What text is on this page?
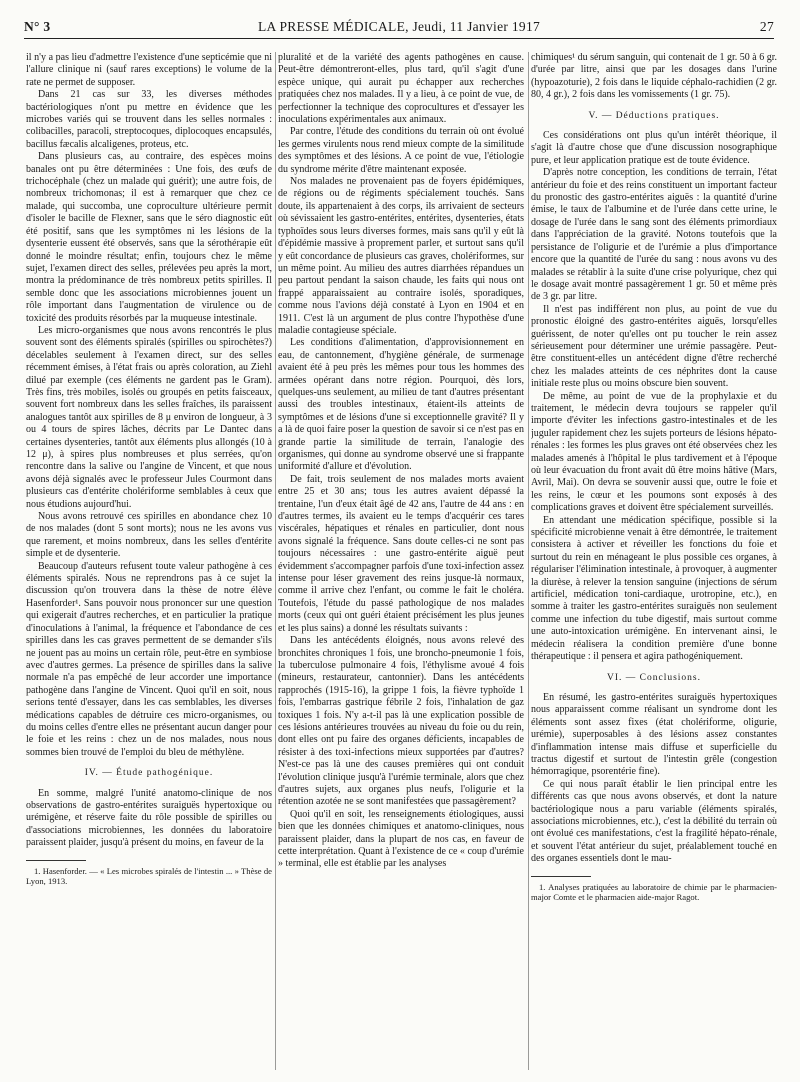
N° 3	LA PRESSE MÉDICALE, Jeudi, 11 Janvier 1917	27

il n'y a pas lieu d'admettre l'existence d'une septicémie que ni l'allure clinique ni (sauf rares exceptions) le volume de la rate ne permet de supposer.

Dans 21 cas sur 33, les diverses méthodes bactériologiques n'ont pu mettre en évidence que les microbes variés qui se trouvent dans les selles normales : colibacilles, paracoli, streptocoques, diplocoques encapsulés, bacillus fæcalis alcaligenes, proteus, etc.

Dans plusieurs cas, au contraire, des espèces moins banales ont pu être déterminées : Une fois, des œufs de trichocéphale (chez un malade qui guérit); une autre fois, de nombreux trichomonas; il est à remarquer que chez ce malade, qui succomba, une coproculture ultérieure permit d'isoler le bacille de Flexner, sans que le séro diagnostic eût été positif, sans que les symptômes ni les lésions de la dysenterie eussent été observés, sans que la sérothérapie eût donné le moindre résultat; enfin, toujours chez le même sujet, l'examen direct des selles, prélevées peu après la mort, montra la prédominance de très nombreux petits spirilles. Il semble donc que les associations microbiennes jouent un rôle important dans l'augmentation de virulence ou de toxicité des produits résorbés par la muqueuse intestinale.

Les micro-organismes que nous avons rencontrés le plus souvent sont des éléments spiralés (spirilles ou spirochètes?) décelables seulement à l'examen direct, sur des selles récemment émises, à l'état frais ou après coloration, au Ziehl dilué par exemple (ces éléments ne gardent pas le Gram). Très fins, très mobiles, isolés ou groupés en petits faisceaux, souvent fort nombreux dans les selles fraîches, ils paraissent analogues tantôt aux spirilles de 8 μ environ de longueur, à 3 ou 4 tours de spires lâches, décrits par Le Dantec dans certaines dysenteries, tantôt aux éléments plus allongés (10 à 12 μ), à spires plus nombreuses et plus serrées, qu'on rencontre dans la salive ou l'angine de Vincent, et que nous avons déjà signalés avec le professeur Jules Courmont dans plusieurs cas d'entérite cholériforme semblables à ceux que nous étudions aujourd'hui.

Nous avons retrouvé ces spirilles en abondance chez 10 de nos malades (dont 5 sont morts); nous ne les avons vus que rarement, et moins nombreux, dans les selles d'entérite simple et de dysenterie.

Beaucoup d'auteurs refusent toute valeur pathogène à ces éléments spiralés. Nous ne reprendrons pas à ce sujet la discussion qu'on trouvera dans la thèse de notre élève Hasenforder¹. Sans pouvoir nous prononcer sur une question qui exigerait d'autres recherches, et en particulier la pratique d'inoculations à l'animal, la fréquence et l'abondance de ces spirilles dans les cas graves permettent de se demander s'ils ne jouent pas au moins un certain rôle, peut-être en symbiose avec d'autres germes. La présence de spirilles dans la salive normale n'a pas empêché de leur accorder une importance pathogène dans l'angine de Vincent. Quoi qu'il en soit, nous serions tenté d'essayer, dans les cas semblables, les diverses médications capables de détruire ces micro-organismes, ou du moins celles d'entre elles ne présentant aucun danger pour le foie et les reins : chez un de nos malades, nous nous sommes bien trouvé de l'emploi du bleu de méthylène.

IV. — Étude pathogénique.

En somme, malgré l'unité anatomo-clinique de nos observations de gastro-entérites suraiguës hypertoxique ou urémigène, et réserve faite du rôle possible de spirilles ou d'associations microbiennes, les données du laboratoire paraissent plaider, jusqu'à présent du moins, en faveur de la

1. Hasenforder. — « Les microbes spiralés de l'intestin ... » Thèse de Lyon, 1913.

pluralité et de la variété des agents pathogènes en cause. Peut-être démontreront-elles, plus tard, qu'il s'agit d'une espèce unique, qui aurait pu échapper aux recherches pratiquées chez nos malades. Il y a lieu, à ce point de vue, de perfectionner la technique des coprocultures et d'essayer les inoculations expérimentales aux animaux.

Par contre, l'étude des conditions du terrain où ont évolué les germes virulents nous rend mieux compte de la similitude des symptômes et des lésions. A ce point de vue, l'étiologie du syndrome mérite d'être maintenant exposée.

Nos malades ne provenaient pas de foyers épidémiques, de régions ou de régiments spécialement touchés. Sans doute, ils appartenaient à des corps, ils arrivaient de secteurs où sévissaient les gastro-entérites, entérites, dysenteries, états typhoïdes sous leurs diverses formes, mais sans qu'il y eût là d'épidémie massive à proprement parler, et surtout sans qu'il y eût concordance de plusieurs cas graves, cholériformes, sur un même point. Au milieu des autres diarrhées répandues un peu partout pendant la saison chaude, les faits qui nous ont frappé apparaissaient au contraire isolés, sporadiques, comme nous l'avions déjà constaté à Lyon en 1904 et en 1911. C'est là un argument de plus contre l'hypothèse d'une maladie contagieuse spéciale.

Les conditions d'alimentation, d'approvisionnement en eau, de cantonnement, d'hygiène générale, de surmenage avaient été à peu près les mêmes pour tous les hommes des armées opérant dans notre région. Pourquoi, dès lors, quelques-uns seulement, au milieu de tant d'autres présentant aussi des troubles intestinaux, étaient-ils atteints de symptômes et de lésions d'une si exceptionnelle gravité? Il y a là de quoi faire poser la question de savoir si ce n'est pas en grande partie la similitude de terrain, l'analogie des organismes, qui donne au syndrome observé une si frappante uniformité d'allure et d'évolution.

De fait, trois seulement de nos malades morts avaient entre 25 et 30 ans; tous les autres avaient dépassé la trentaine, l'un d'eux était âgé de 42 ans, l'autre de 44 ans : en d'autres termes, ils avaient eu le temps d'acquérir ces tares viscérales, hépatiques et rénales en particulier, dont nous avons signalé la fréquence. Sans doute celles-ci ne sont pas toujours nécessaires : une gastro-entérite aiguë peut évidemment s'accompagner parfois d'une toxi-infection assez intense pour léser gravement des reins jusque-là normaux, comme il arrive chez l'enfant, ou comme le fait le choléra. Toutefois, l'étude du passé pathologique de nos malades morts (ceux qui ont guéri étaient précisément les plus jeunes et les plus sains) a donné les résultats suivants :

Dans les antécédents éloignés, nous avons relevé des bronchites chroniques 1 fois, une broncho-pneumonie 1 fois, la tuberculose pulmonaire 4 fois, l'éthylisme avoué 4 fois (mineurs, restaurateur, cantonnier). Dans les antécédents rapprochés (1915-16), la grippe 1 fois, la fièvre typhoïde 1 fois, l'embarras gastrique fébrile 2 fois, l'inhalation de gaz toxiques 1 fois. N'y a-t-il pas là une explication possible de ces lésions antérieures trouvées au niveau du foie ou du rein, dont elles ont pu faire des organes déficients, incapables de résister à des toxi-infections mieux supportées par d'autres? N'est-ce pas là une des causes premières qui ont conduit l'évolution clinique jusqu'à l'urémie terminale, alors que chez d'autres sujets, aux organes plus neufs, l'oligurie et la rétention azotée ne se sont manifestées que passagèrement?

Quoi qu'il en soit, les renseignements étiologiques, aussi bien que les données chimiques et anatomo-cliniques, nous paraissent plaider, dans la plupart de nos cas, en faveur de cette interprétation. Quant à l'existence de ce « coup d'urémie » terminal, elle est établie par les analyses

chimiques¹ du sérum sanguin, qui contenait de 1 gr. 50 à 6 gr. d'urée par litre, ainsi que par les dosages dans l'urine (hypoazoturie), 2 fois dans le liquide céphalo-rachidien (2 gr. 80, 4 gr.), 2 fois dans les vomissements (1 gr. 75).

V. — Déductions pratiques.

Ces considérations ont plus qu'un intérêt théorique, il s'agit là d'autre chose que d'une discussion nosographique pure, et leur application pratique est de toute évidence.

D'après notre conception, les conditions de terrain, l'état antérieur du foie et des reins constituent un important facteur du pronostic des gastro-entérites aiguës : la quantité d'urine émise, le taux de l'albumine et de l'urée dans cette urine, le dosage de l'urée dans le sang sont des éléments primordiaux dans l'appréciation de la gravité. Notons toutefois que la persistance de l'oligurie et de l'urémie a plus d'importance encore que la quantité de l'urée du sang : nous avons vu des malades se rétablir à la suite d'une crise polyurique, chez qui le dosage avait montré passagèrement 1 gr. 50 et même près de 3 gr. par litre.

Il n'est pas indifférent non plus, au point de vue du pronostic éloigné des gastro-entérites aiguës, lorsqu'elles guérissent, de noter qu'elles ont pu toucher le rein assez sérieusement pour déterminer une urémie passagère. Peut-être constituent-elles un antécédent digne d'être recherché chez les malades atteints de ces néphrites dont la cause initiale reste plus ou moins obscure bien souvent.

De même, au point de vue de la prophylaxie et du traitement, le médecin devra toujours se rappeler qu'il importe d'éviter les infections gastro-intestinales et de les juguler rapidement chez les sujets porteurs de lésions hépato-rénales : les formes les plus graves ont été observées chez les malades amenés à l'hôpital le plus tardivement et à l'époque où leur évacuation du front avait dû être moins hâtive (Mars, Avril, Mai). On devra se souvenir aussi que, outre le foie et les reins, le cœur et les poumons sont exposés à des complications graves et doivent être spécialement surveillés.

En attendant une médication spécifique, possible si la spécificité microbienne venait à être démontrée, le traitement consistera à activer et réveiller les fonctions du foie et surtout du rein en ménageant le plus possible ces organes, à régulariser l'élimination intestinale, à provoquer, à augmenter la diurèse, à relever la tension sanguine (injections de sérum artificiel, médication toni-cardiaque, urotropine, etc.), en somme à traiter les gastro-entérites suraiguës non seulement comme une infection du tube digestif, mais surtout comme une auto-intoxication urémigène. En intervenant ainsi, le médecin réalisera la condition première d'une bonne thérapeutique : il pensera et agira pathogéniquement.

VI. — Conclusions.

En résumé, les gastro-entérites suraiguës hypertoxiques nous apparaissent comme réalisant un syndrome dont les éléments sont assez fixes (état cholériforme, oligurie, urémie), superposables à des lésions assez constantes d'inflammation intense mais diffuse et superficielle du tractus digestif et surtout de l'intestin grêle (congestion hémorragique, psorentérie fine).

Ce qui nous paraît établir le lien principal entre les différents cas que nous avons observés, et dont la nature bactériologique nous a paru variable (éléments spiralés, associations microbiennes, etc.), c'est la débilité du terrain où ont évolué ces manifestations, c'est la fragilité hépato-rénale, et souvent l'état antérieur du sujet, préalablement touché en des organes essentiels dont le mau-

1. Analyses pratiquées au laboratoire de chimie par le pharmacien-major Comte et le pharmacien aide-major Ragot.
